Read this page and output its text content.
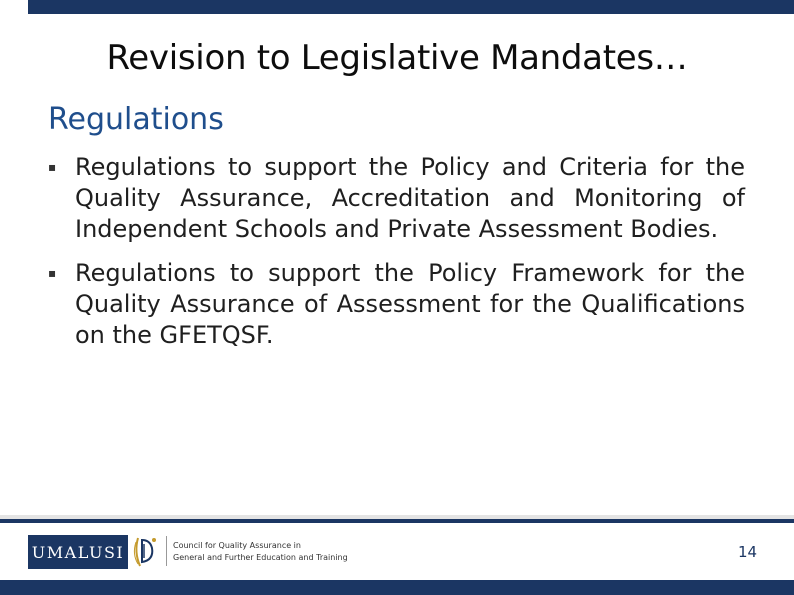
Revision to Legislative Mandates…
Regulations
▪ Regulations to support the Policy and Criteria for the Quality Assurance, Accreditation and Monitoring of Independent Schools and Private Assessment Bodies.
▪ Regulations to support the Policy Framework for the Quality Assurance of Assessment for the Qualifications on the GFETQSF.
UMALUSI	Council for Quality Assurance in
General and Further Education and Training	14
